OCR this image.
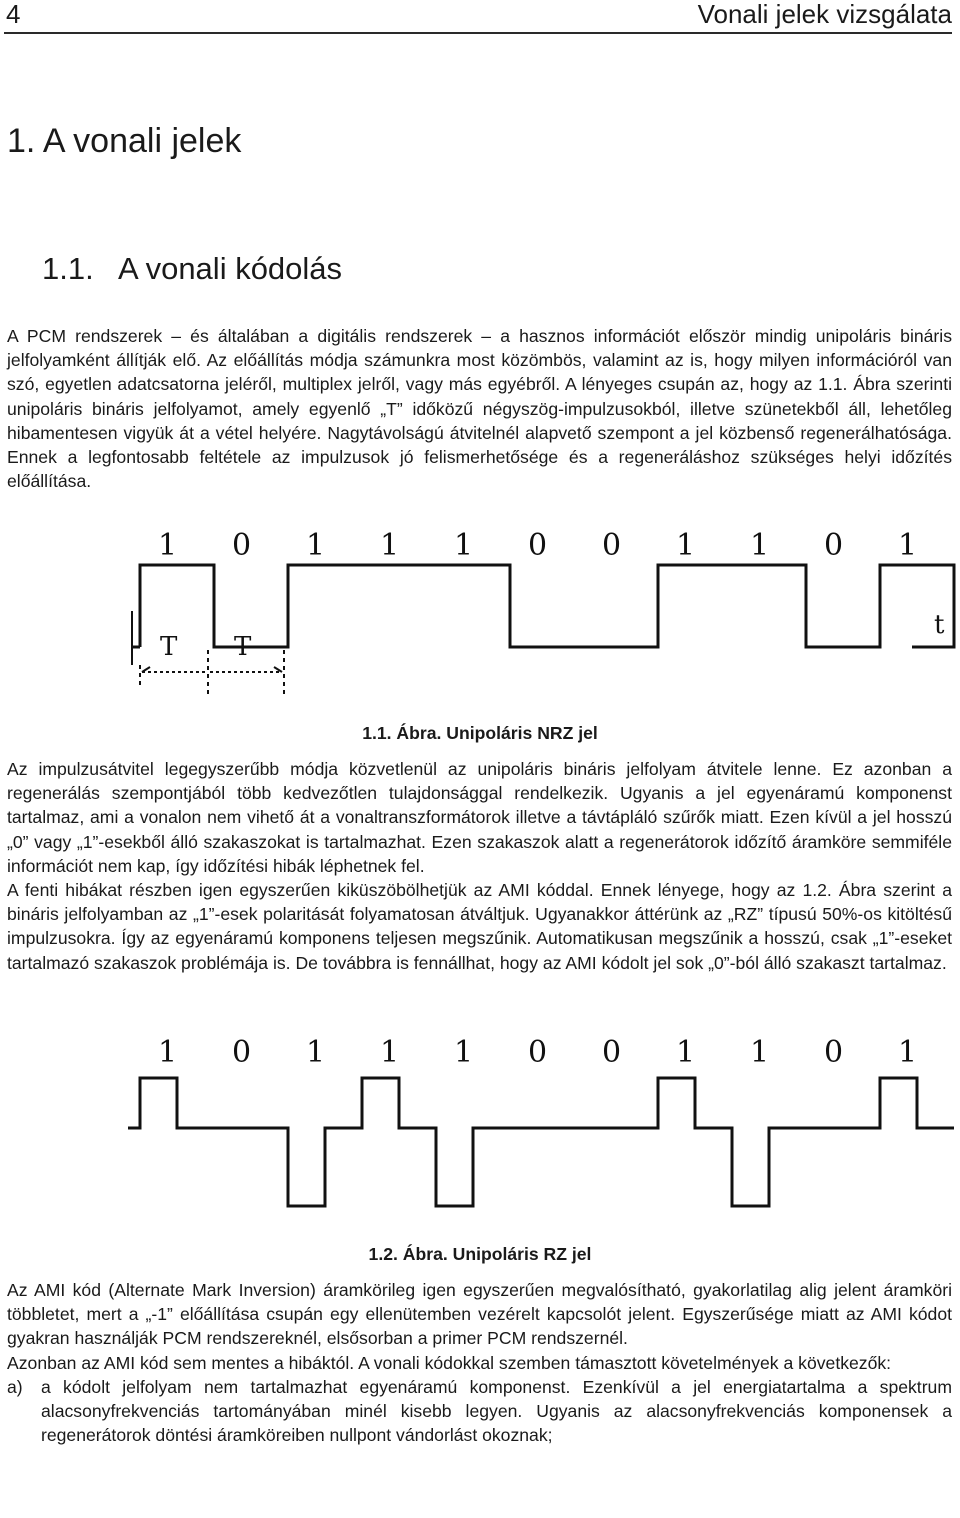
4	Vonali jelek vizsgálata
1. A vonali jelek
1.1. A vonali kódolás

A PCM rendszerek – és általában a digitális rendszerek – a hasznos információt először mindig unipoláris bináris jelfolyamként állítják elő. Az előállítás módja számunkra most közömbös, valamint az is, hogy milyen információról van szó, egyetlen adatcsatorna jeléről, multiplex jelről, vagy más egyébről. A lényeges csupán az, hogy az 1.1. Ábra szerinti unipoláris bináris jelfolyamot, amely egyenlő „T” időközű négyszög-impulzusokból, illetve szünetekből áll, lehetőleg hibamentesen vigyük át a vétel helyére. Nagytávolságú átvitelnél alapvető szempont a jel közbenső regenerálhatósága. Ennek a legfontosabb feltétele az impulzusok jó felismerhetősége és a regeneráláshoz szükséges helyi időzítés előállítása.

1 0 1 1 1 0 0 1 1 0 1
t
T T
1.1. Ábra. Unipoláris NRZ jel

Az impulzusátvitel legegyszerűbb módja közvetlenül az unipoláris bináris jelfolyam átvitele lenne. Ez azonban a regenerálás szempontjából több kedvezőtlen tulajdonsággal rendelkezik. Ugyanis a jel egyenáramú komponenst tartalmaz, ami a vonalon nem vihető át a vonaltranszformátorok illetve a távtápláló szűrők miatt. Ezen kívül a jel hosszú „0” vagy „1”-esekből álló szakaszokat is tartalmazhat. Ezen szakaszok alatt a regenerátorok időzítő áramköre semmiféle információt nem kap, így időzítési hibák léphetnek fel.

A fenti hibákat részben igen egyszerűen kiküszöbölhetjük az AMI kóddal. Ennek lényege, hogy az 1.2. Ábra szerint a bináris jelfolyamban az „1”-esek polaritását folyamatosan átváltjuk. Ugyanakkor áttérünk az „RZ” típusú 50%-os kitöltésű impulzusokra. Így az egyenáramú komponens teljesen megszűnik. Automatikusan megszűnik a hosszú, csak „1”-eseket tartalmazó szakaszok problémája is. De továbbra is fennállhat, hogy az AMI kódolt jel sok „0”-ból álló szakaszt tartalmaz.

1 0 1 1 1 0 0 1 1 0 1
1.2. Ábra. Unipoláris RZ jel

Az AMI kód (Alternate Mark Inversion) áramkörileg igen egyszerűen megvalósítható, gyakorlatilag alig jelent áramköri többletet, mert a „-1” előállítása csupán egy ellenütemben vezérelt kapcsolót jelent. Egyszerűsége miatt az AMI kódot gyakran használják PCM rendszereknél, elsősorban a primer PCM rendszernél.

Azonban az AMI kód sem mentes a hibáktól. A vonali kódokkal szemben támasztott követelmények a következők:

a) a kódolt jelfolyam nem tartalmazhat egyenáramú komponenst. Ezenkívül a jel energiatartalma a spektrum alacsonyfrekvenciás tartományában minél kisebb legyen. Ugyanis az alacsonyfrekvenciás komponensek a regenerátorok döntési áramköreiben nullpont vándorlást okoznak;
